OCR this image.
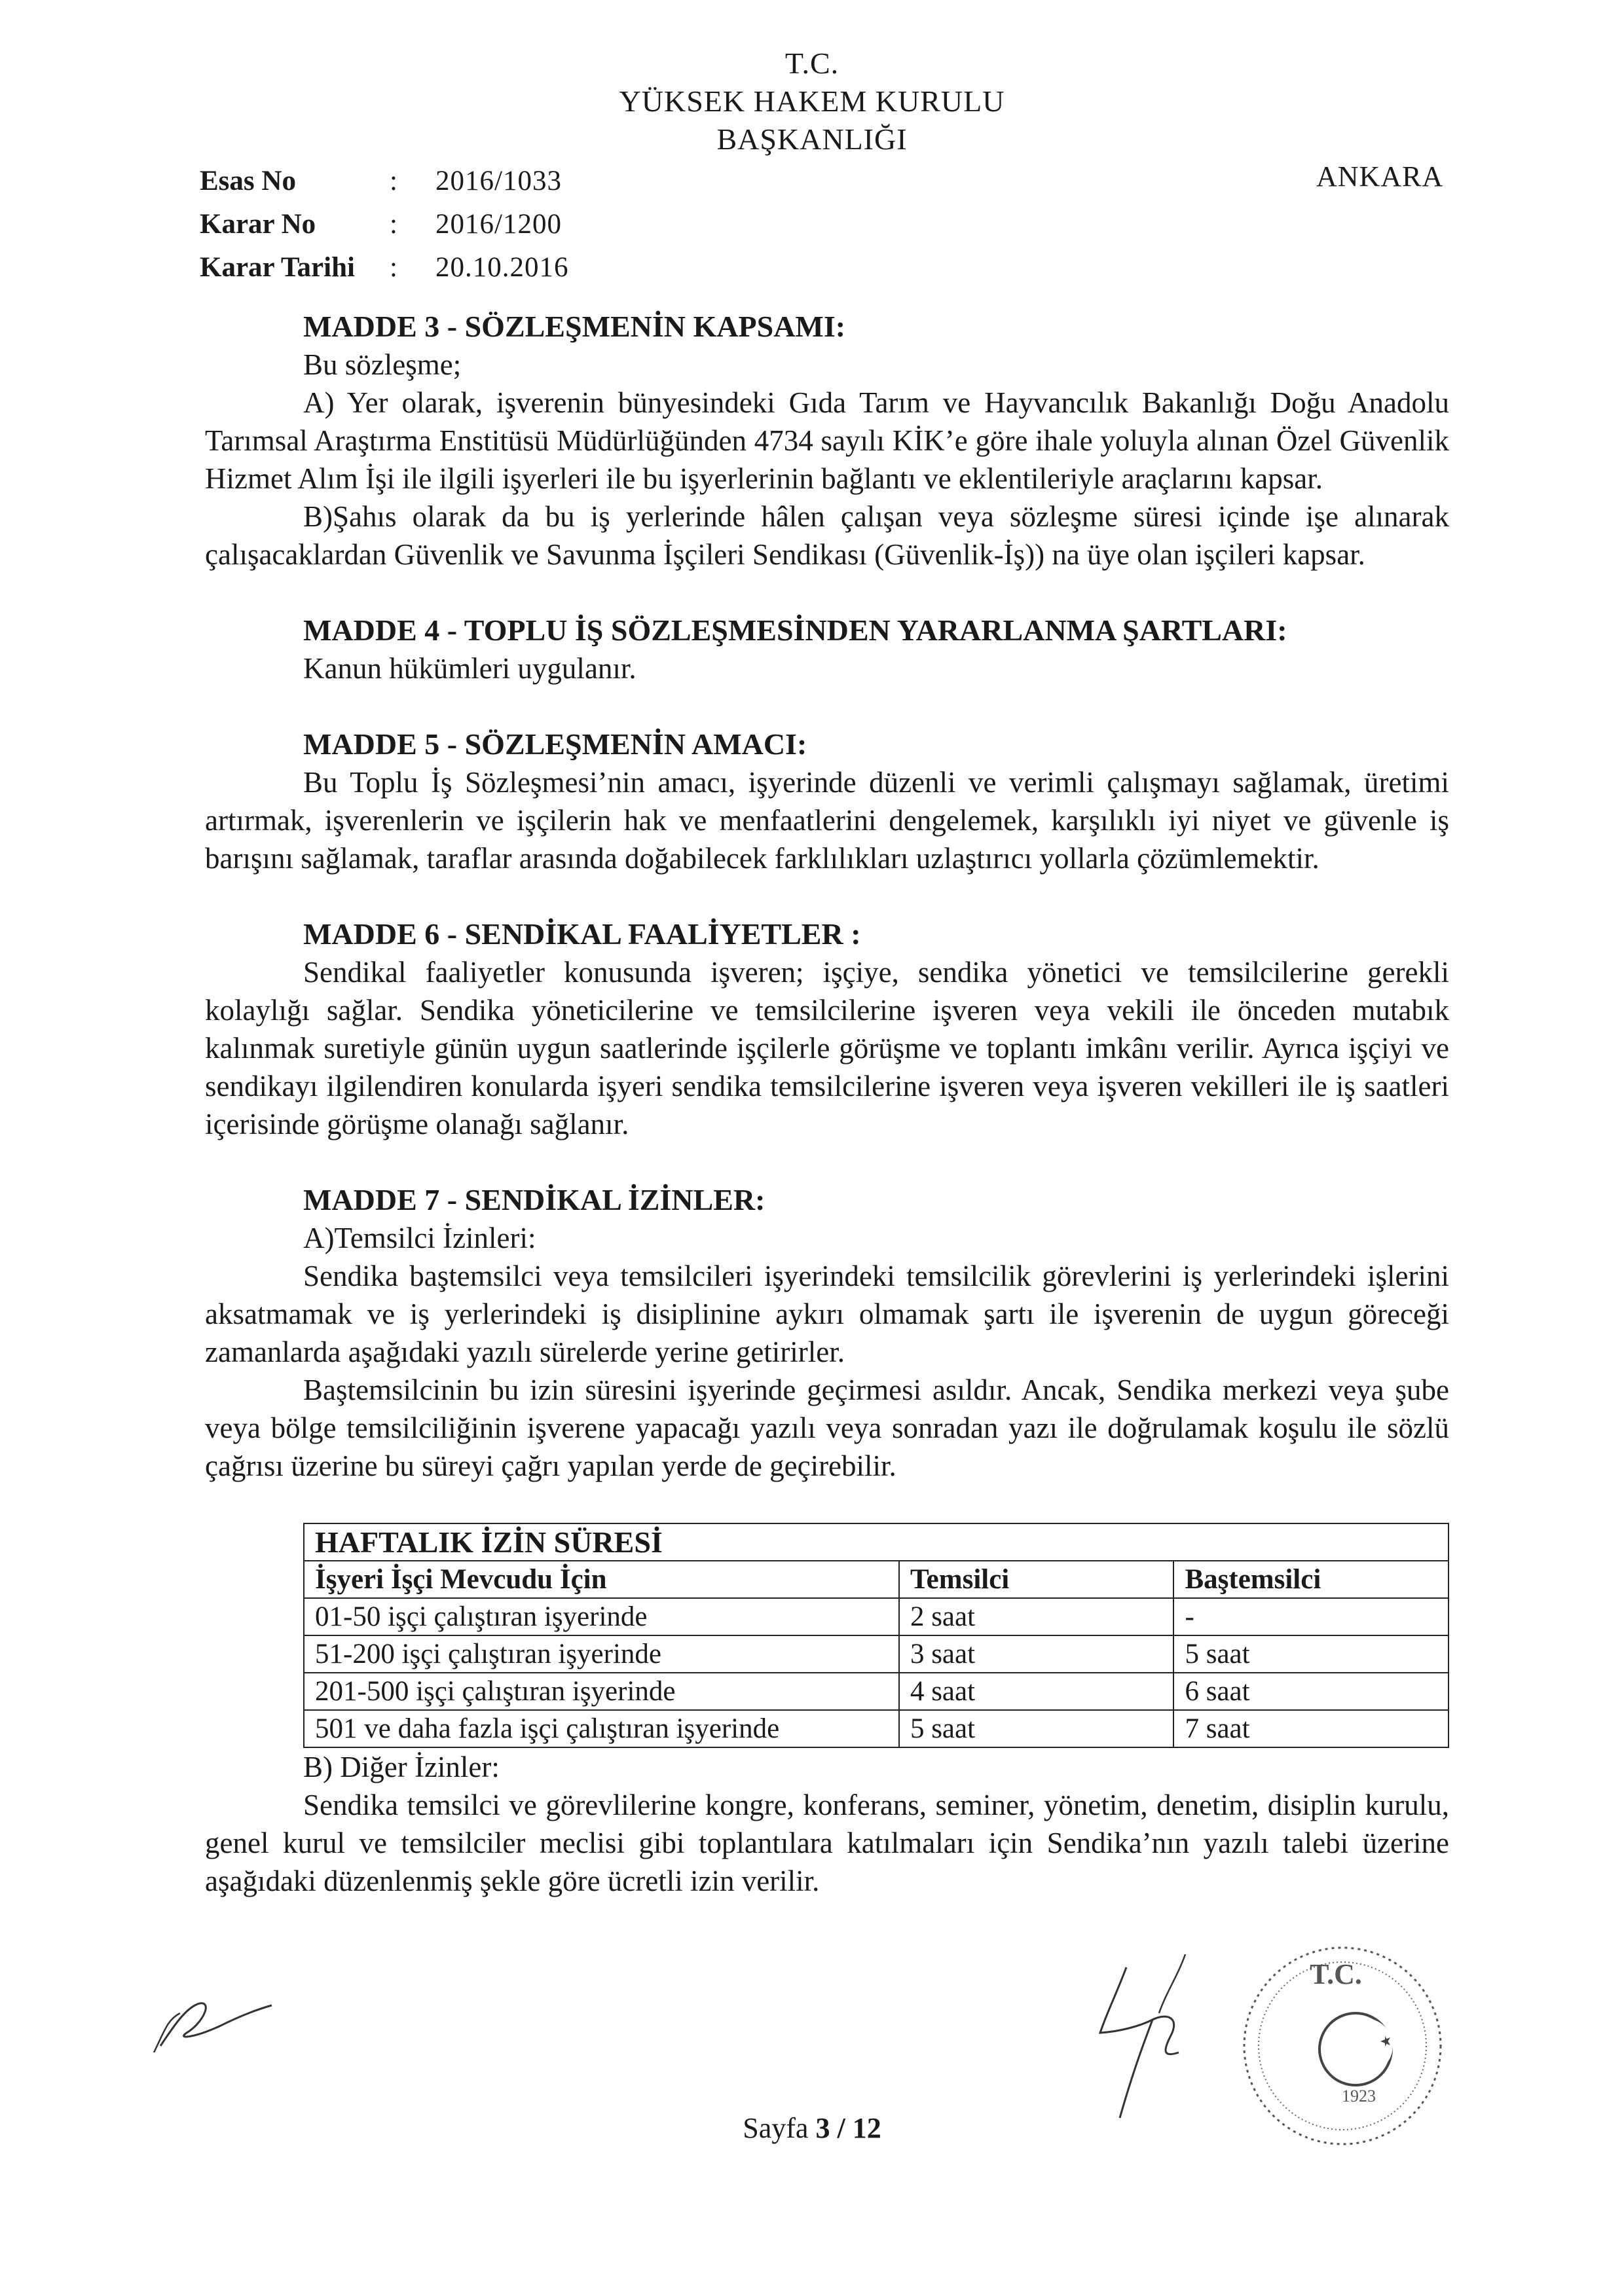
T.C.
YÜKSEK HAKEM KURULU
BAŞKANLIĞI
Esas No	:	2016/1033
Karar No	:	2016/1200
Karar Tarihi	:	20.10.2016
ANKARA

MADDE 3 - SÖZLEŞMENİN KAPSAMI:

Bu sözleşme;

A) Yer olarak, işverenin bünyesindeki Gıda Tarım ve Hayvancılık Bakanlığı Doğu Anadolu Tarımsal Araştırma Enstitüsü Müdürlüğünden 4734 sayılı KİK’e göre ihale yoluyla alınan Özel Güvenlik Hizmet Alım İşi ile ilgili işyerleri ile bu işyerlerinin bağlantı ve eklentileriyle araçlarını kapsar.

B)Şahıs olarak da bu iş yerlerinde hâlen çalışan veya sözleşme süresi içinde işe alınarak çalışacaklardan Güvenlik ve Savunma İşçileri Sendikası (Güvenlik-İş)) na üye olan işçileri kapsar.

MADDE 4 - TOPLU İŞ SÖZLEŞMESİNDEN YARARLANMA ŞARTLARI:

Kanun hükümleri uygulanır.

MADDE 5 - SÖZLEŞMENİN AMACI:

Bu Toplu İş Sözleşmesi’nin amacı, işyerinde düzenli ve verimli çalışmayı sağlamak, üretimi artırmak, işverenlerin ve işçilerin hak ve menfaatlerini dengelemek, karşılıklı iyi niyet ve güvenle iş barışını sağlamak, taraflar arasında doğabilecek farklılıkları uzlaştırıcı yollarla çözümlemektir.

MADDE 6 - SENDİKAL FAALİYETLER :

Sendikal faaliyetler konusunda işveren; işçiye, sendika yönetici ve temsilcilerine gerekli kolaylığı sağlar. Sendika yöneticilerine ve temsilcilerine işveren veya vekili ile önceden mutabık kalınmak suretiyle günün uygun saatlerinde işçilerle görüşme ve toplantı imkânı verilir. Ayrıca işçiyi ve sendikayı ilgilendiren konularda işyeri sendika temsilcilerine işveren veya işveren vekilleri ile iş saatleri içerisinde görüşme olanağı sağlanır.

MADDE 7 - SENDİKAL İZİNLER:

A)Temsilci İzinleri:

Sendika baştemsilci veya temsilcileri işyerindeki temsilcilik görevlerini iş yerlerindeki işlerini aksatmamak ve iş yerlerindeki iş disiplinine aykırı olmamak şartı ile işverenin de uygun göreceği zamanlarda aşağıdaki yazılı sürelerde yerine getirirler.

Baştemsilcinin bu izin süresini işyerinde geçirmesi asıldır. Ancak, Sendika merkezi veya şube veya bölge temsilciliğinin işverene yapacağı yazılı veya sonradan yazı ile doğrulamak koşulu ile sözlü çağrısı üzerine bu süreyi çağrı yapılan yerde de geçirebilir.

HAFTALIK İZİN SÜRESİ		
İşyeri İşçi Mevcudu İçin	Temsilci	Baştemsilci
01-50 işçi çalıştıran işyerinde	2 saat	-
51-200 işçi çalıştıran işyerinde	3 saat	5 saat
201-500 işçi çalıştıran işyerinde	4 saat	6 saat
501 ve daha fazla işçi çalıştıran işyerinde	5 saat	7 saat

B) Diğer İzinler:

Sendika temsilci ve görevlilerine kongre, konferans, seminer, yönetim, denetim, disiplin kurulu, genel kurul ve temsilciler meclisi gibi toplantılara katılmaları için Sendika’nın yazılı talebi üzerine aşağıdaki düzenlenmiş şekle göre ücretli izin verilir.

T.C.
1923
Sayfa 3 / 12
